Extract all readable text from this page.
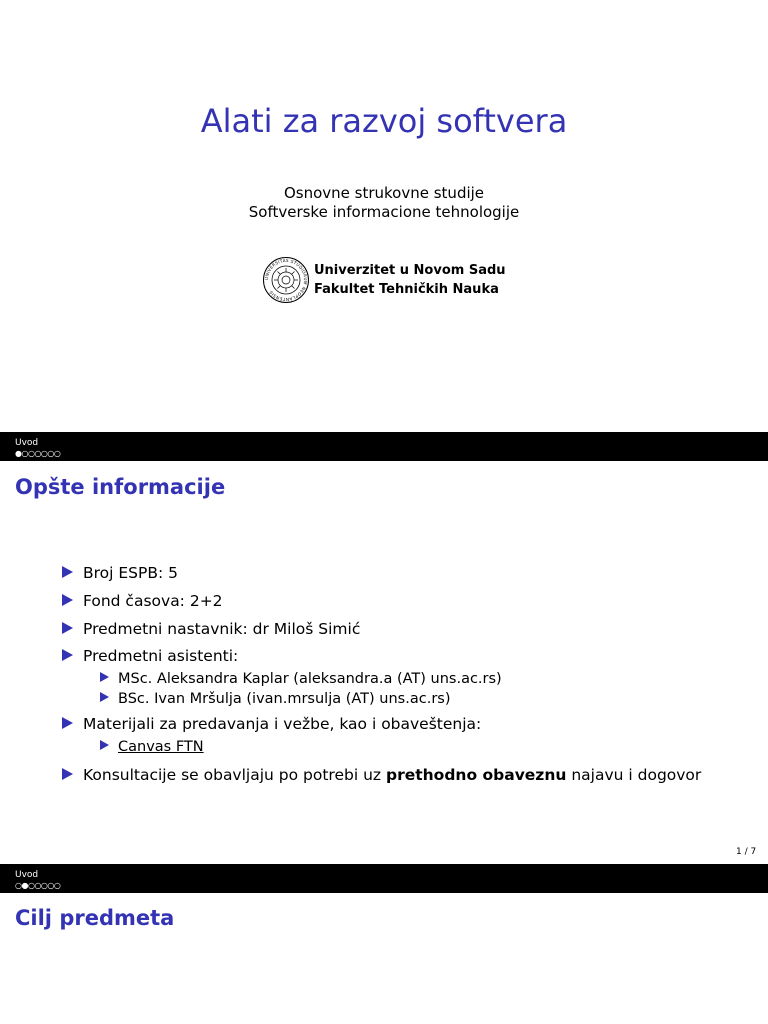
Alati za razvoj softvera
Osnovne strukovne studije
Softverske informacione tehnologije
UNIVERSITAS STUDIORUM NEOPLANTENSIS
Univerzitet u Novom Sadu
Fakultet Tehničkih Nauka
Uvod
●○○○○○○
Opšte informacije
Broj ESPB: 5
Fond časova: 2+2
Predmetni nastavnik: dr Miloš Simić
Predmetni asistenti:
MSc. Aleksandra Kaplar (aleksandra.a (AT) uns.ac.rs)
BSc. Ivan Mršulja (ivan.mrsulja (AT) uns.ac.rs)
Materijali za predavanja i vežbe, kao i obaveštenja:
Canvas FTN
Konsultacije se obavljaju po potrebi uz prethodno obaveznu najavu i dogovor
1 / 7
Uvod
○●○○○○○
Cilj predmeta
